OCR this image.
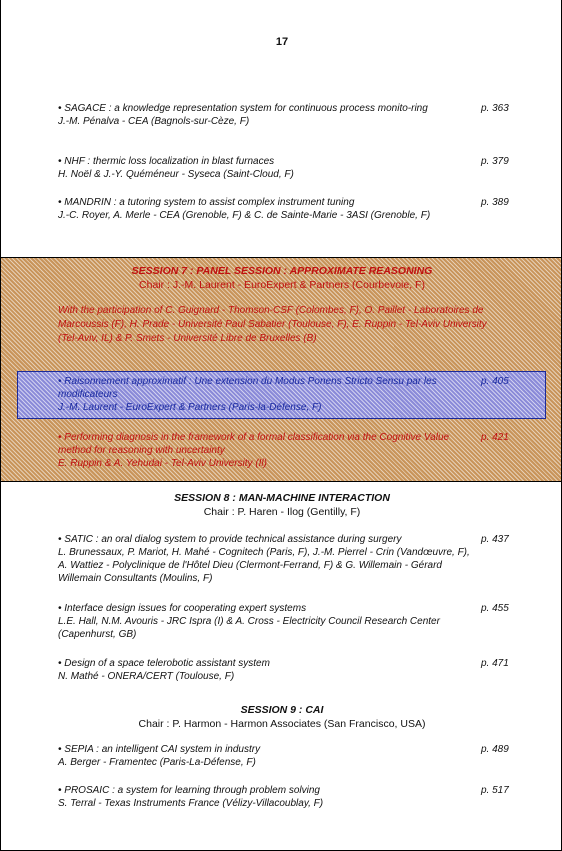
17
• SAGACE : a knowledge representation system for continuous process monito-ring
J.-M. Pénalva - CEA (Bagnols-sur-Cèze, F)
p. 363
• NHF : thermic loss localization in blast furnaces
H. Noël & J.-Y. Quéméneur - Syseca (Saint-Cloud, F)
p. 379
• MANDRIN : a tutoring system to assist complex instrument tuning
J.-C. Royer, A. Merle - CEA (Grenoble, F) & C. de Sainte-Marie - 3ASI (Grenoble, F)
p. 389
SESSION 7 : PANEL SESSION : APPROXIMATE REASONING
Chair : J.-M. Laurent - EuroExpert & Partners (Courbevoie, F)
With the participation of C. Guignard - Thomson-CSF (Colombes, F), O. Paillet - Laboratoires de Marcoussis (F), H. Prade - Université Paul Sabatier (Toulouse, F), E. Ruppin - Tel-Aviv University (Tel-Aviv, IL) & P. Smets - Université Libre de Bruxelles (B)
• Raisonnement approximatif : Une extension du Modus Ponens Stricto Sensu par les modificateurs
J.-M. Laurent - EuroExpert & Partners (Paris-la-Défense, F)
p. 405
• Performing diagnosis in the framework of a formal classification via the Cognitive Value method for reasoning with uncertainty
E. Ruppin & A. Yehudai - Tel-Aviv University (Il)
p. 421
SESSION 8 : MAN-MACHINE INTERACTION
Chair : P. Haren - Ilog (Gentilly, F)
• SATIC : an oral dialog system to provide technical assistance during surgery
L. Brunessaux, P. Mariot, H. Mahé - Cognitech (Paris, F), J.-M. Pierrel - Crin (Vandœuvre, F), A. Wattiez - Polyclinique de l'Hôtel Dieu (Clermont-Ferrand, F) & G. Willemain - Gérard Willemain Consultants (Moulins, F)
p. 437
• Interface design issues for cooperating expert systems
L.E. Hall, N.M. Avouris - JRC Ispra (I) & A. Cross - Electricity Council Research Center (Capenhurst, GB)
p. 455
• Design of a space telerobotic assistant system
N. Mathé - ONERA/CERT (Toulouse, F)
p. 471
SESSION 9 : CAI
Chair : P. Harmon - Harmon Associates (San Francisco, USA)
• SEPIA : an intelligent CAI system in industry
A. Berger - Framentec (Paris-La-Défense, F)
p. 489
• PROSAIC : a system for learning through problem solving
S. Terral - Texas Instruments France (Vélizy-Villacoublay, F)
p. 517
